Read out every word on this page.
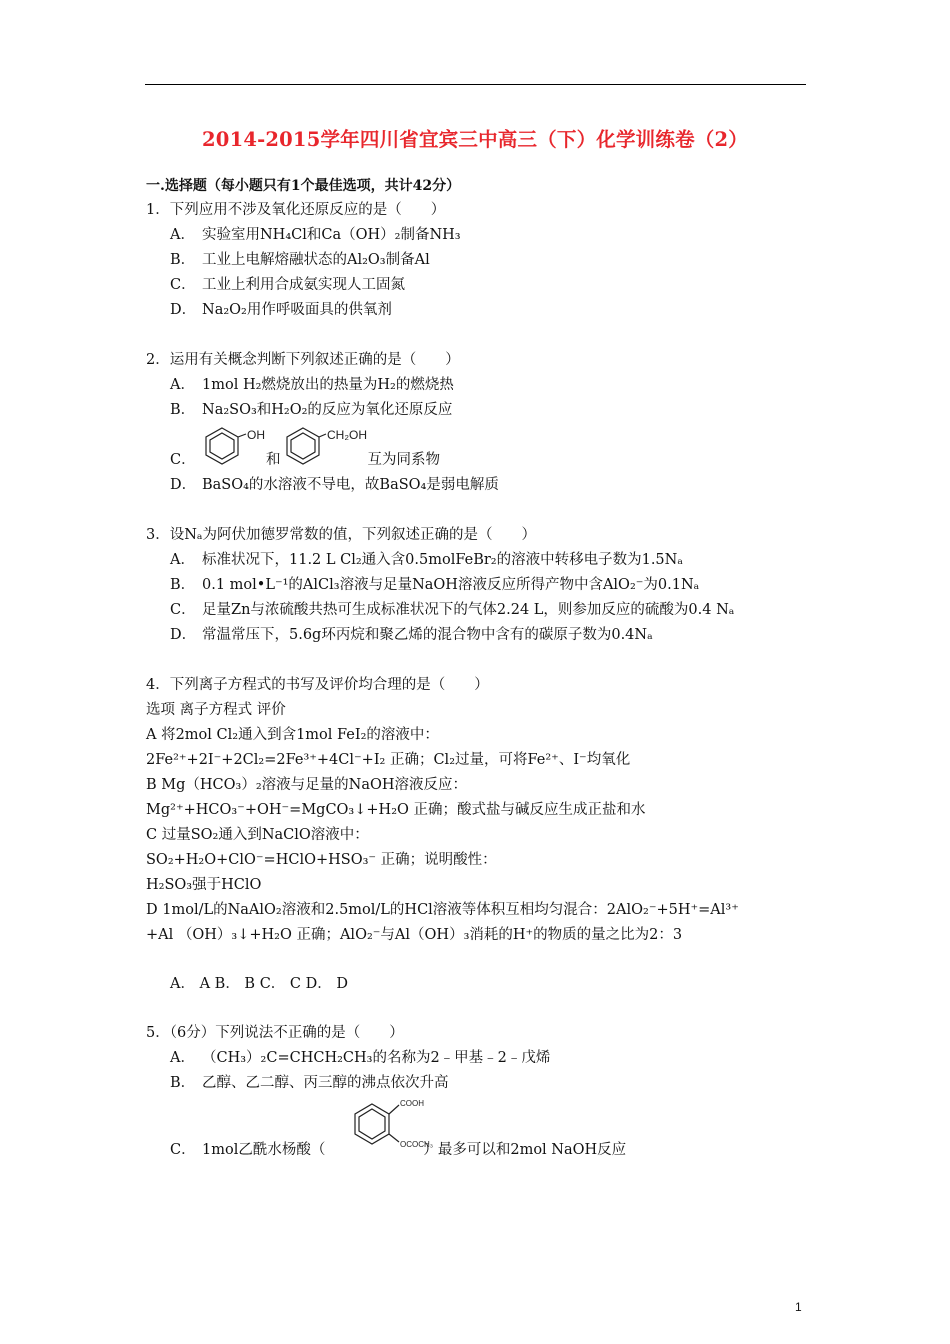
2014-2015学年四川省宜宾三中高三（下）化学训练卷（2）
一.选择题（每小题只有1个最佳选项，共计42分）
1．下列应用不涉及氧化还原反应的是（　　）
A． 实验室用NH₄Cl和Ca（OH）₂制备NH₃
B． 工业上电解熔融状态的Al₂O₃制备Al
C． 工业上利用合成氨实现人工固氮
D． Na₂O₂用作呼吸面具的供氧剂
2．运用有关概念判断下列叙述正确的是（　　）
A． 1mol H₂燃烧放出的热量为H₂的燃烧热
B． Na₂SO₃和H₂O₂的反应为氧化还原反应
OH	CH₂OH
C．	和	互为同系物
D． BaSO₄的水溶液不导电，故BaSO₄是弱电解质
3．设Nₐ为阿伏加德罗常数的值，下列叙述正确的是（　　）
A． 标准状况下，11.2 L Cl₂通入含0.5molFeBr₂的溶液中转移电子数为1.5Nₐ
B． 0.1 mol•L⁻¹的AlCl₃溶液与足量NaOH溶液反应所得产物中含AlO₂⁻为0.1Nₐ
C． 足量Zn与浓硫酸共热可生成标准状况下的气体2.24 L，则参加反应的硫酸为0.4 Nₐ
D． 常温常压下，5.6g环丙烷和聚乙烯的混合物中含有的碳原子数为0.4Nₐ
4．下列离子方程式的书写及评价均合理的是（　　）
选项 离子方程式 评价
A 将2mol Cl₂通入到含1mol FeI₂的溶液中：
2Fe²⁺+2I⁻+2Cl₂=2Fe³⁺+4Cl⁻+I₂ 正确；Cl₂过量，可将Fe²⁺、I⁻均氧化
B Mg（HCO₃）₂溶液与足量的NaOH溶液反应：
Mg²⁺+HCO₃⁻+OH⁻=MgCO₃↓+H₂O 正确；酸式盐与碱反应生成正盐和水
C 过量SO₂通入到NaClO溶液中：
SO₂+H₂O+ClO⁻=HClO+HSO₃⁻ 正确；说明酸性：
H₂SO₃强于HClO
D 1mol/L的NaAlO₂溶液和2.5mol/L的HCl溶液等体积互相均匀混合：2AlO₂⁻+5H⁺=Al³⁺
+Al （OH）₃↓+H₂O 正确；AlO₂⁻与Al（OH）₃消耗的H⁺的物质的量之比为2：3
A． A B． B C． C D． D
5．（6分）下列说法不正确的是（　　）
A． （CH₃）₂C=CHCH₂CH₃的名称为2﹣甲基﹣2﹣戊烯
B． 乙醇、乙二醇、丙三醇的沸点依次升高
COOH
OCOCH₃
C． 1mol乙酰水杨酸（	）最多可以和2mol NaOH反应
1
